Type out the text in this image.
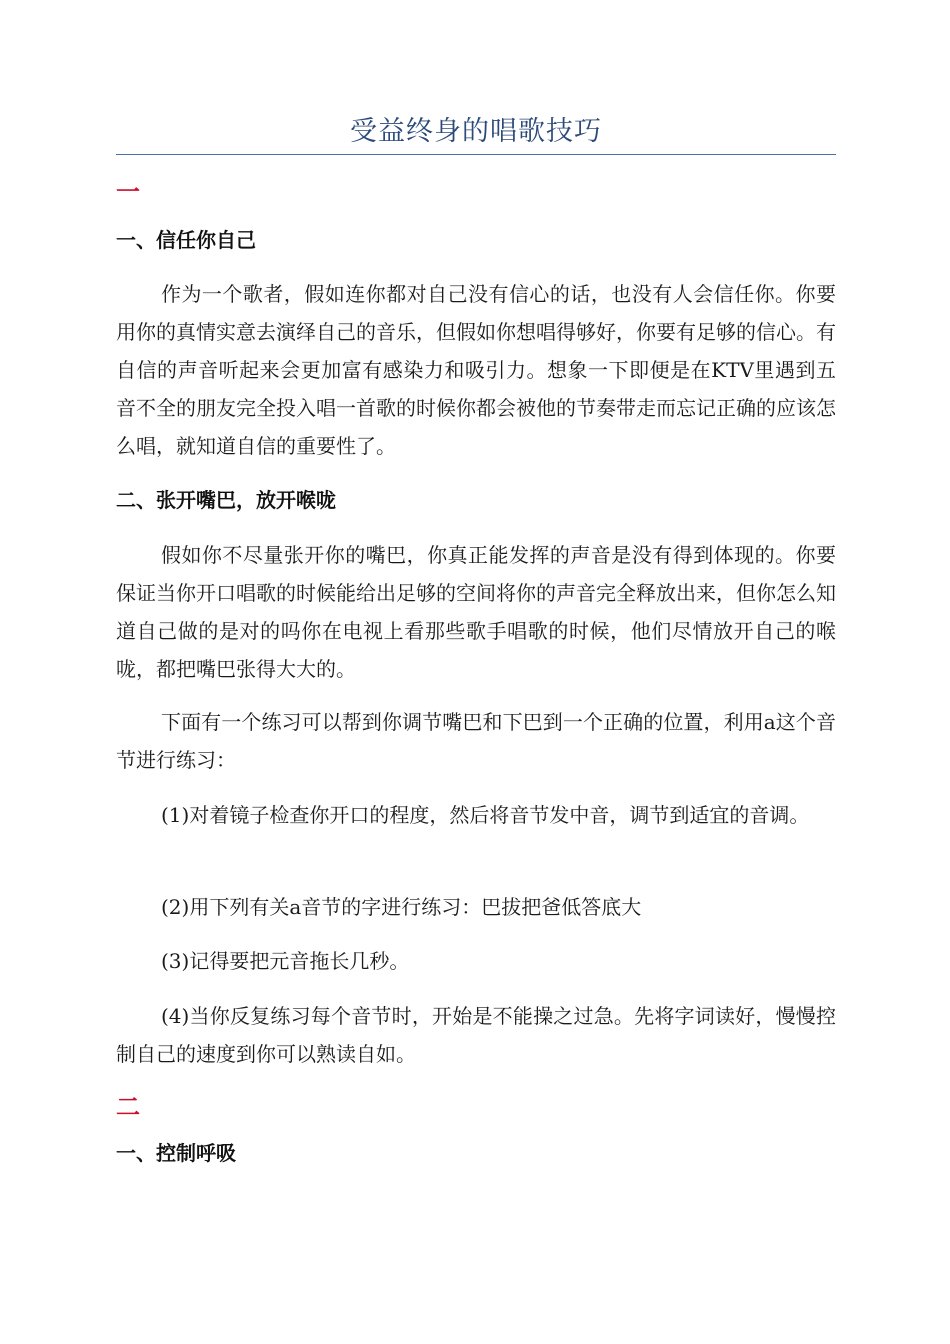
受益终身的唱歌技巧
一
一、信任你自己

作为一个歌者，假如连你都对自己没有信心的话，也没有人会信任你。你要用你的真情实意去演绎自己的音乐，但假如你想唱得够好，你要有足够的信心。有自信的声音听起来会更加富有感染力和吸引力。想象一下即便是在KTV里遇到五音不全的朋友完全投入唱一首歌的时候你都会被他的节奏带走而忘记正确的应该怎么唱，就知道自信的重要性了。

二、张开嘴巴，放开喉咙

假如你不尽量张开你的嘴巴，你真正能发挥的声音是没有得到体现的。你要保证当你开口唱歌的时候能给出足够的空间将你的声音完全释放出来，但你怎么知道自己做的是对的吗你在电视上看那些歌手唱歌的时候，他们尽情放开自己的喉咙，都把嘴巴张得大大的。

下面有一个练习可以帮到你调节嘴巴和下巴到一个正确的位置，利用a这个音节进行练习：

(1)对着镜子检查你开口的程度，然后将音节发中音，调节到适宜的音调。

(2)用下列有关a音节的字进行练习：巴拔把爸低答底大

(3)记得要把元音拖长几秒。

(4)当你反复练习每个音节时，开始是不能操之过急。先将字词读好，慢慢控制自己的速度到你可以熟读自如。

二
一、控制呼吸
